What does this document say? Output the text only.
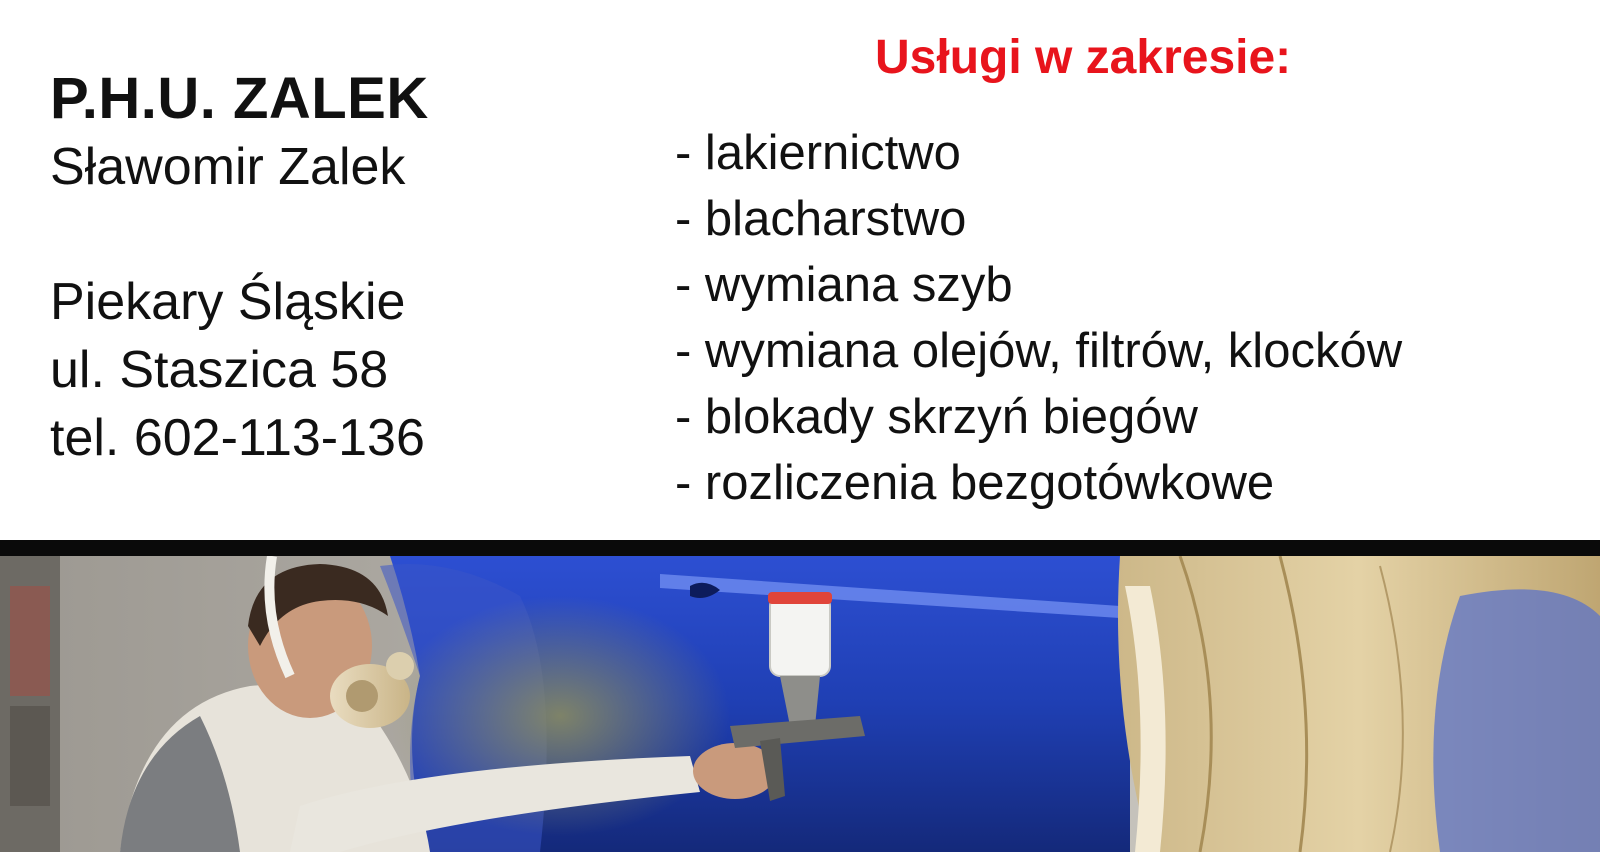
P.H.U. ZALEK
Sławomir Zalek
Piekary Śląskie
ul. Staszica 58
tel. 602-113-136
Usługi w zakresie:
- lakiernictwo
- blacharstwo
- wymiana szyb
- wymiana olejów, filtrów, klocków
- blokady skrzyń biegów
- rozliczenia bezgotówkowe
